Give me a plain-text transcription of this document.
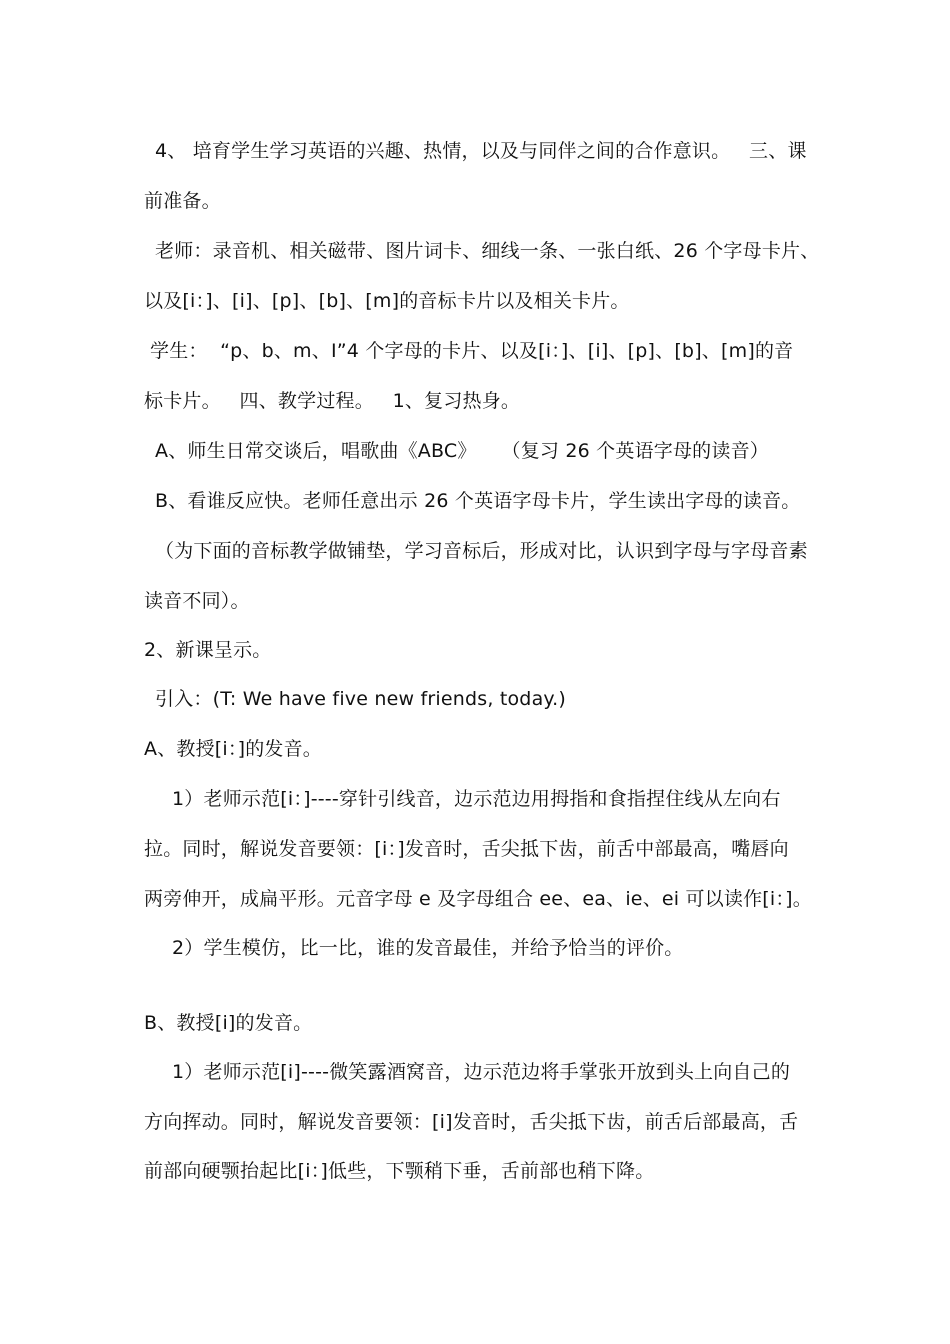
4、 培育学生学习英语的兴趣、热情，以及与同伴之间的合作意识。   三、课
前准备。
老师：录音机、相关磁带、图片词卡、细线一条、一张白纸、26 个字母卡片、
以及[i：]、[i]、[p]、[b]、[m]的音标卡片以及相关卡片。
学生：  “p、b、m、I”4 个字母的卡片、以及[i：]、[i]、[p]、[b]、[m]的音
标卡片。   四、教学过程。   1、复习热身。
A、师生日常交谈后，唱歌曲《ABC》    （复习 26 个英语字母的读音）
B、看谁反应快。老师任意出示 26 个英语字母卡片，学生读出字母的读音。
（为下面的音标教学做铺垫，学习音标后，形成对比，认识到字母与字母音素
读音不同）。
2、新课呈示。
引入：(T: We have five new friends, today.)
A、教授[i：]的发音。
1）老师示范[i：]----穿针引线音，边示范边用拇指和食指捏住线从左向右
拉。同时，解说发音要领：[i：]发音时，舌尖抵下齿，前舌中部最高，嘴唇向
两旁伸开，成扁平形。元音字母 e 及字母组合 ee、ea、ie、ei 可以读作[i：]。
2）学生模仿，比一比，谁的发音最佳，并给予恰当的评价。
B、教授[i]的发音。
1）老师示范[i]----微笑露酒窝音，边示范边将手掌张开放到头上向自己的
方向挥动。同时，解说发音要领：[i]发音时，舌尖抵下齿，前舌后部最高，舌
前部向硬颚抬起比[i：]低些，下颚稍下垂，舌前部也稍下降。
